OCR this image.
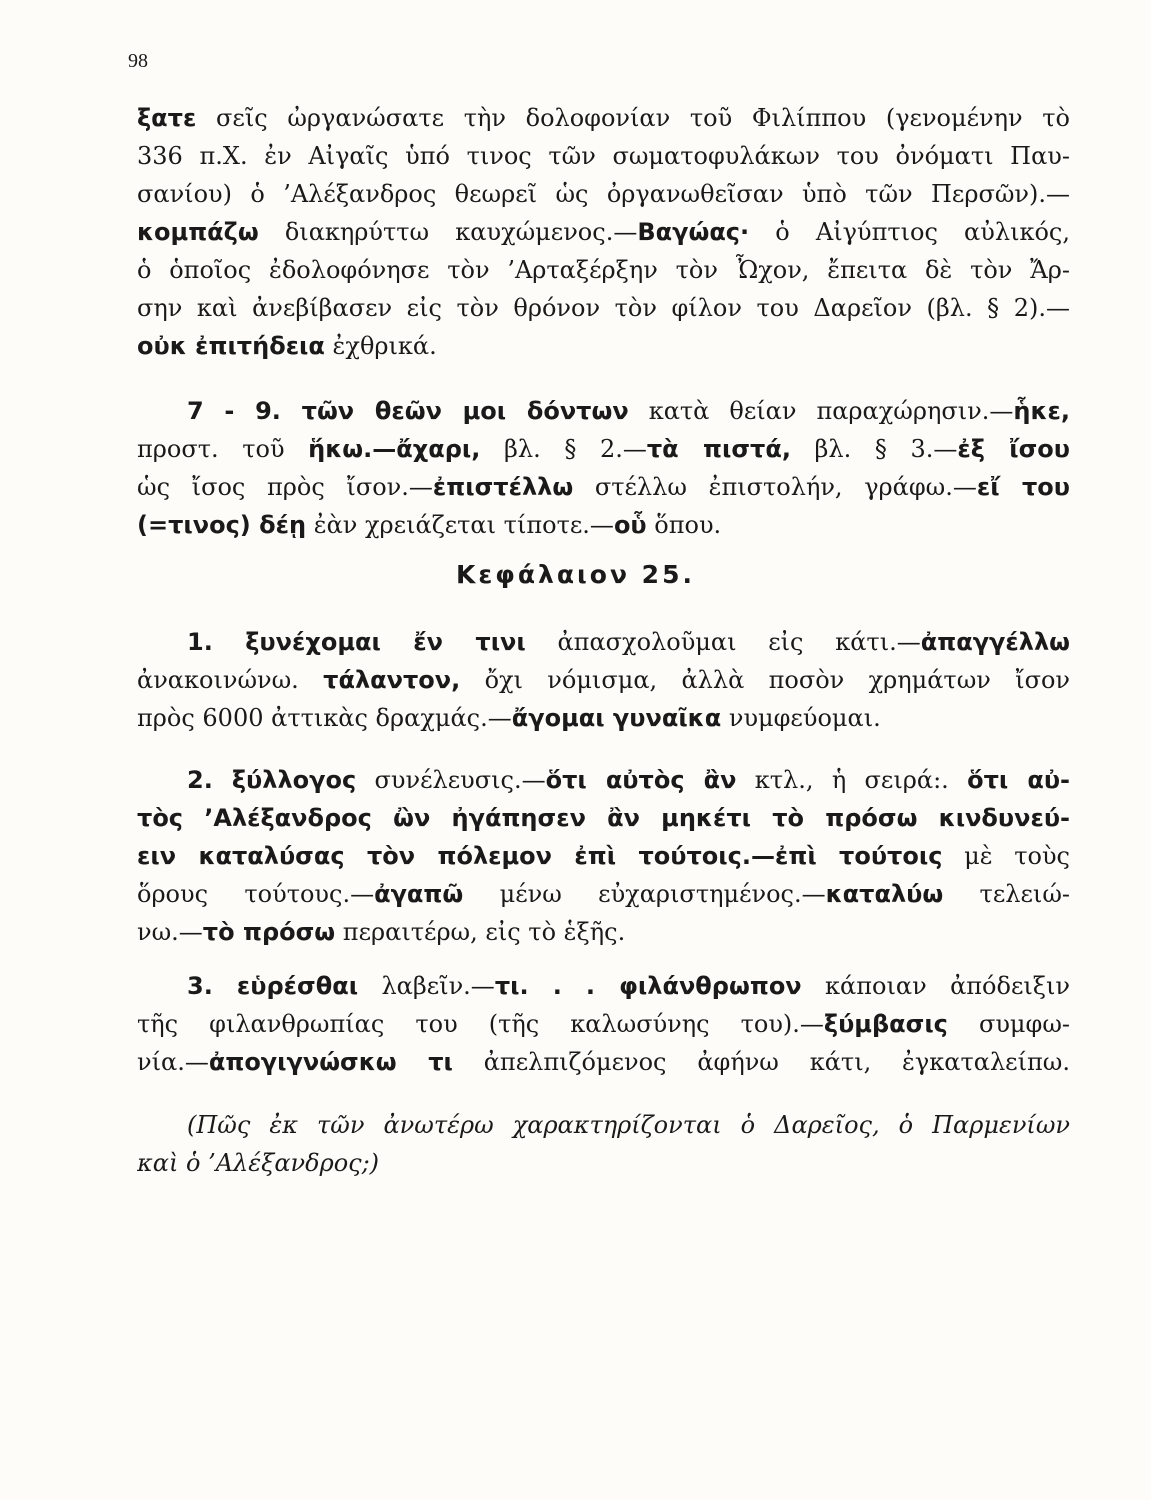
98
ξατε σεῖς ὠργανώσατε τὴν δολοφονίαν τοῦ Φιλίππου (γενομένην τὸ
336 π.Χ. ἐν Αἰγαῖς ὑπό τινος τῶν σωματοφυλάκων του ὀνόματι Παυ-
σανίου) ὁ ’Αλέξανδρος θεωρεῖ ὡς ὀργανωθεῖσαν ὑπὸ τῶν Περσῶν).—
κομπάζω διακηρύττω καυχώμενος.—Βαγώας· ὁ Αἰγύπτιος αὐλικός,
ὁ ὁποῖος ἐδολοφόνησε τὸν ’Αρταξέρξην τὸν Ὦχον, ἔπειτα δὲ τὸν Ἄρ-
σην καὶ ἀνεβίβασεν εἰς τὸν θρόνον τὸν φίλον του Δαρεῖον (βλ. § 2).—
οὐκ ἐπιτήδεια ἐχθρικά.
7 - 9. τῶν θεῶν μοι δόντων κατὰ θείαν παραχώρησιν.—ἧκε,
προστ. τοῦ ἥκω.—ἄχαρι, βλ. § 2.—τὰ πιστά, βλ. § 3.—ἐξ ἴσου
ὡς ἴσος πρὸς ἴσον.—ἐπιστέλλω στέλλω ἐπιστολήν, γράφω.—εἴ του
(=τινος) δέῃ ἐὰν χρειάζεται τίποτε.—οὗ ὅπου.
Κεφάλαιον 25.
1. ξυνέχομαι ἔν τινι ἀπασχολοῦμαι εἰς κάτι.—ἀπαγγέλλω
ἀνακοινώνω. τάλαντον, ὄχι νόμισμα, ἀλλὰ ποσὸν χρημάτων ἴσον
πρὸς 6000 ἀττικὰς δραχμάς.—ἄγομαι γυναῖκα νυμφεύομαι.
2. ξύλλογος συνέλευσις.—ὅτι αὐτὸς ἂν κτλ., ἡ σειρά:. ὅτι αὐ-
τὸς ’Αλέξανδρος ὢν ἠγάπησεν ἂν μηκέτι τὸ πρόσω κινδυνεύ-
ειν καταλύσας τὸν πόλεμον ἐπὶ τούτοις.—ἐπὶ τούτοις μὲ τοὺς
ὅρους τούτους.—ἀγαπῶ μένω εὐχαριστημένος.—καταλύω τελειώ-
νω.—τὸ πρόσω περαιτέρω, εἰς τὸ ἑξῆς.
3. εὑρέσθαι λαβεῖν.—τι. . . φιλάνθρωπον κάποιαν ἀπόδειξιν
τῆς φιλανθρωπίας του (τῆς καλωσύνης του).—ξύμβασις συμφω-
νία.—ἀπογιγνώσκω τι ἀπελπιζόμενος ἀφήνω κάτι, ἐγκαταλείπω.
(Πῶς ἐκ τῶν ἀνωτέρω χαρακτηρίζονται ὁ Δαρεῖος, ὁ Παρμενίων
καὶ ὁ ’Αλέξανδρος;)
